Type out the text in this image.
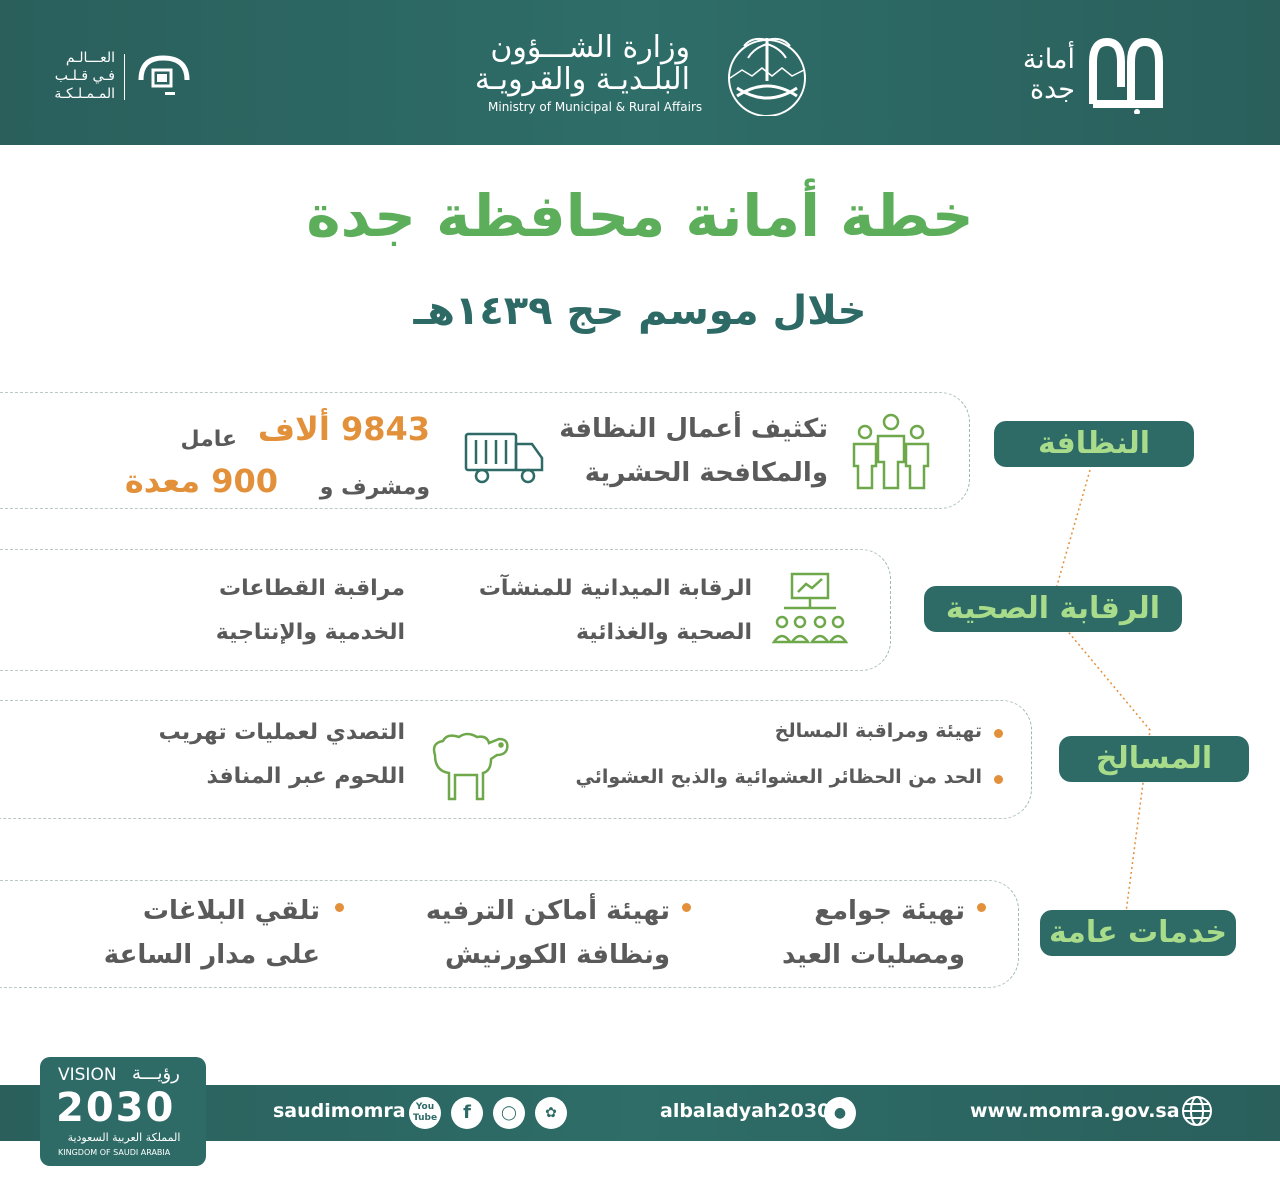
أمانة
جدة
وزارة الشـــؤون
البلـديـة والقرويـة
Ministry of Municipal & Rural Affairs
العـــالـم
فـي قـلـب
المـمـلـكـة
خطة أمانة محافظة جدة
خلال موسم حج ١٤٣٩هـ
النظافة
تكثيف أعمال النظافة
والمكافحة الحشرية
9843 ألاف
عامل
900 معدة ومشرف و
الرقابة الصحية
الرقابة الميدانية للمنشآت
الصحية والغذائية
مراقبة القطاعات
الخدمية والإنتاجية
المسالخ
تهيئة ومراقبة المسالخ
الحد من الحظائر العشوائية والذبح العشوائي
التصدي لعمليات تهريب
اللحوم عبر المنافذ
خدمات عامة
تهيئة جوامع
ومصليات العيد
تهيئة أماكن الترفيه
ونظافة الكورنيش
تلقي البلاغات
على مدار الساعة
www.momra.gov.sa
●
albaladyah2030
✿
◯
f
You Tube
saudimomra
VISION رؤيـــة
2030
المملكة العربية السعودية
KINGDOM OF SAUDI ARABIA
